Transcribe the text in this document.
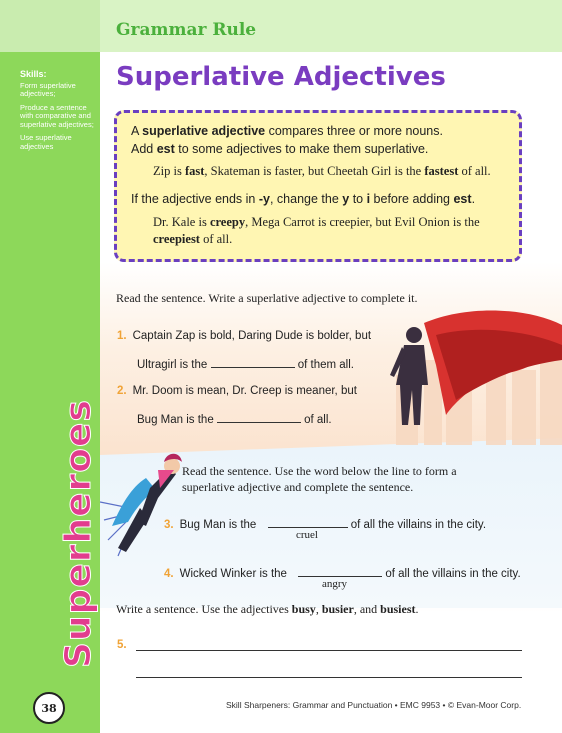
Skills:
Form superlative adjectives;
Produce a sentence with comparative and superlative adjectives;
Use superlative adjectives
Superheroes
38
Grammar Rule
Superlative Adjectives
A superlative adjective compares three or more nouns.
Add est to some adjectives to make them superlative.
Zip is fast, Skateman is faster, but Cheetah Girl is the fastest of all.
If the adjective ends in -y, change the y to i before adding est.
Dr. Kale is creepy, Mega Carrot is creepier, but Evil Onion is the
creepiest of all.
Read the sentence. Write a superlative adjective to complete it.
1. Captain Zap is bold, Daring Dude is bolder, but
Ultragirl is the	of them all.
2. Mr. Doom is mean, Dr. Creep is meaner, but
Bug Man is the	of all.
Read the sentence. Use the word below the line to form a
superlative adjective and complete the sentence.
3. Bug Man is the	of all the villains in the city.
cruel
4. Wicked Winker is the	of all the villains in the city.
angry
Write a sentence. Use the adjectives busy, busier, and busiest.
5.
Skill Sharpeners: Grammar and Punctuation • EMC 9953 • © Evan-Moor Corp.
